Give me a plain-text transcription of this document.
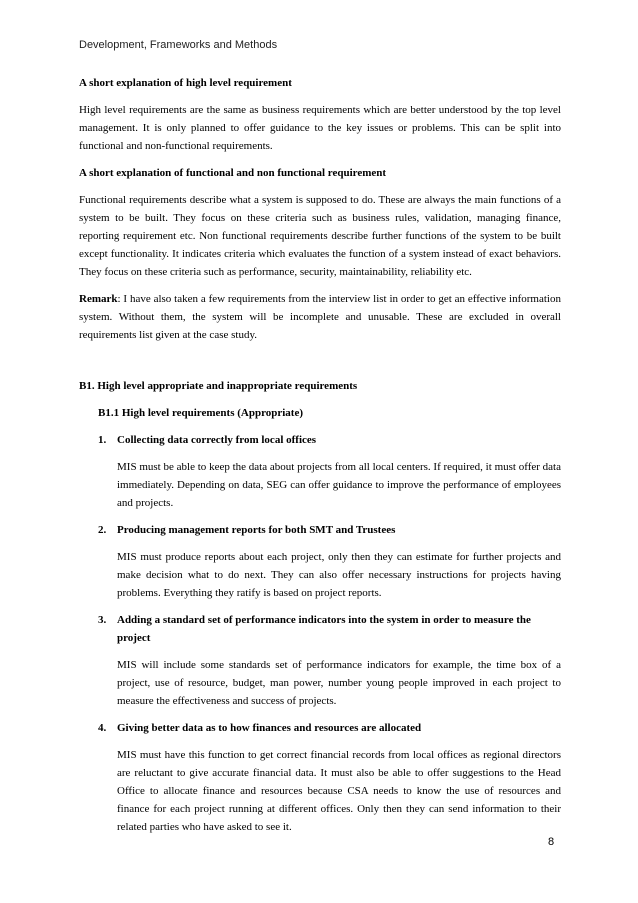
Development, Frameworks and Methods
A short explanation of high level requirement

High level requirements are the same as business requirements which are better understood by the top level management. It is only planned to offer guidance to the key issues or problems. This can be split into functional and non-functional requirements.

A short explanation of functional and non functional requirement

Functional requirements describe what a system is supposed to do. These are always the main functions of a system to be built. They focus on these criteria such as business rules, validation, managing finance, reporting requirement etc. Non functional requirements describe further functions of the system to be built except functionality. It indicates criteria which evaluates the function of a system instead of exact behaviors. They focus on these criteria such as performance, security, maintainability, reliability etc.

Remark: I have also taken a few requirements from the interview list in order to get an effective information system. Without them, the system will be incomplete and unusable. These are excluded in overall requirements list given at the case study.

B1. High level appropriate and inappropriate requirements
B1.1 High level requirements (Appropriate)
1. Collecting data correctly from local offices
MIS must be able to keep the data about projects from all local centers. If required, it must offer data immediately. Depending on data, SEG can offer guidance to improve the performance of employees and projects.
2. Producing management reports for both SMT and Trustees
MIS must produce reports about each project, only then they can estimate for further projects and make decision what to do next. They can also offer necessary instructions for projects having problems. Everything they ratify is based on project reports.
3. Adding a standard set of performance indicators into the system in order to measure the project
MIS will include some standards set of performance indicators for example, the time box of a project, use of resource, budget, man power, number young people improved in each project to measure the effectiveness and success of projects.
4. Giving better data as to how finances and resources are allocated
MIS must have this function to get correct financial records from local offices as regional directors are reluctant to give accurate financial data. It must also be able to offer suggestions to the Head Office to allocate finance and resources because CSA needs to know the use of resources and finance for each project running at different offices. Only then they can send information to their related parties who have asked to see it.
8
